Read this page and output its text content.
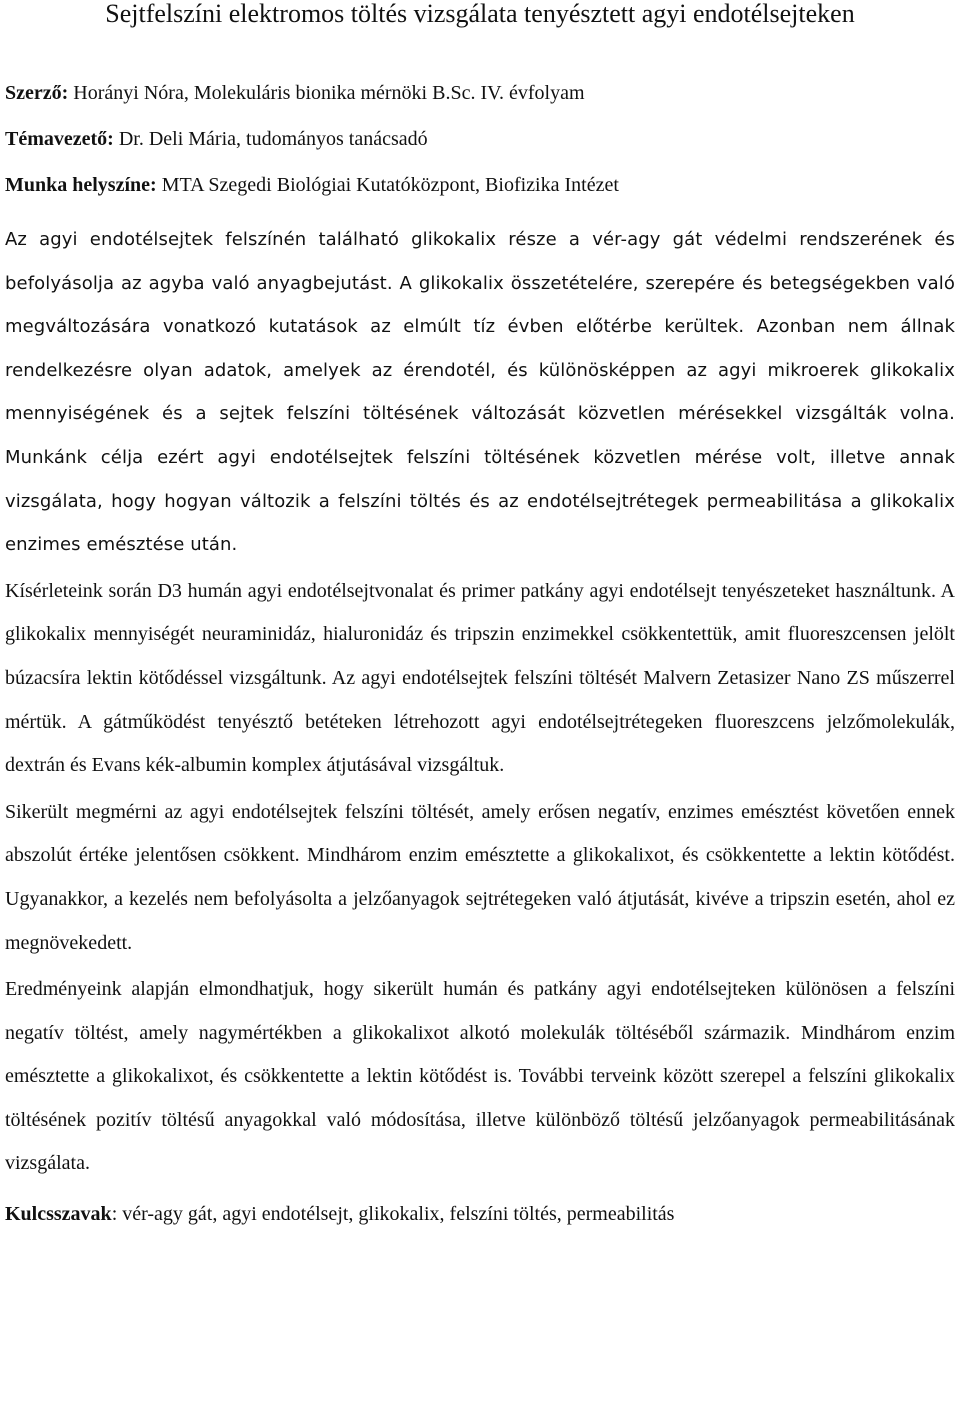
Sejtfelszíni elektromos töltés vizsgálata tenyésztett agyi endotélsejteken
Szerző: Horányi Nóra, Molekuláris bionika mérnöki B.Sc. IV. évfolyam
Témavezető: Dr. Deli Mária, tudományos tanácsadó
Munka helyszíne: MTA Szegedi Biológiai Kutatóközpont, Biofizika Intézet

Az agyi endotélsejtek felszínén található glikokalix része a vér-agy gát védelmi rendszerének és befolyásolja az agyba való anyagbejutást. A glikokalix összetételére, szerepére és betegségekben való megváltozására vonatkozó kutatások az elmúlt tíz évben előtérbe kerültek. Azonban nem állnak rendelkezésre olyan adatok, amelyek az érendotél, és különösképpen az agyi mikroerek glikokalix mennyiségének és a sejtek felszíni töltésének változását közvetlen mérésekkel vizsgálták volna. Munkánk célja ezért agyi endotélsejtek felszíni töltésének közvetlen mérése volt, illetve annak vizsgálata, hogy hogyan változik a felszíni töltés és az endotélsejtrétegek permeabilitása a glikokalix enzimes emésztése után.

Kísérleteink során D3 humán agyi endotélsejtvonalat és primer patkány agyi endotélsejt tenyészeteket használtunk. A glikokalix mennyiségét neuraminidáz, hialuronidáz és tripszin enzimekkel csökkentettük, amit fluoreszcensen jelölt búzacsíra lektin kötődéssel vizsgáltunk. Az agyi endotélsejtek felszíni töltését Malvern Zetasizer Nano ZS műszerrel mértük. A gátműködést tenyésztő betéteken létrehozott agyi endotélsejtrétegeken fluoreszcens jelzőmolekulák, dextrán és Evans kék-albumin komplex átjutásával vizsgáltuk.

Sikerült megmérni az agyi endotélsejtek felszíni töltését, amely erősen negatív, enzimes emésztést követően ennek abszolút értéke jelentősen csökkent. Mindhárom enzim emésztette a glikokalixot, és csökkentette a lektin kötődést. Ugyanakkor, a kezelés nem befolyásolta a jelzőanyagok sejtrétegeken való átjutását, kivéve a tripszin esetén, ahol ez megnövekedett.

Eredményeink alapján elmondhatjuk, hogy sikerült humán és patkány agyi endotélsejteken különösen a felszíni negatív töltést, amely nagymértékben a glikokalixot alkotó molekulák töltéséből származik. Mindhárom enzim emésztette a glikokalixot, és csökkentette a lektin kötődést is. További terveink között szerepel a felszíni glikokalix töltésének pozitív töltésű anyagokkal való módosítása, illetve különböző töltésű jelzőanyagok permeabilitásának vizsgálata.

Kulcsszavak: vér-agy gát, agyi endotélsejt, glikokalix, felszíni töltés, permeabilitás
